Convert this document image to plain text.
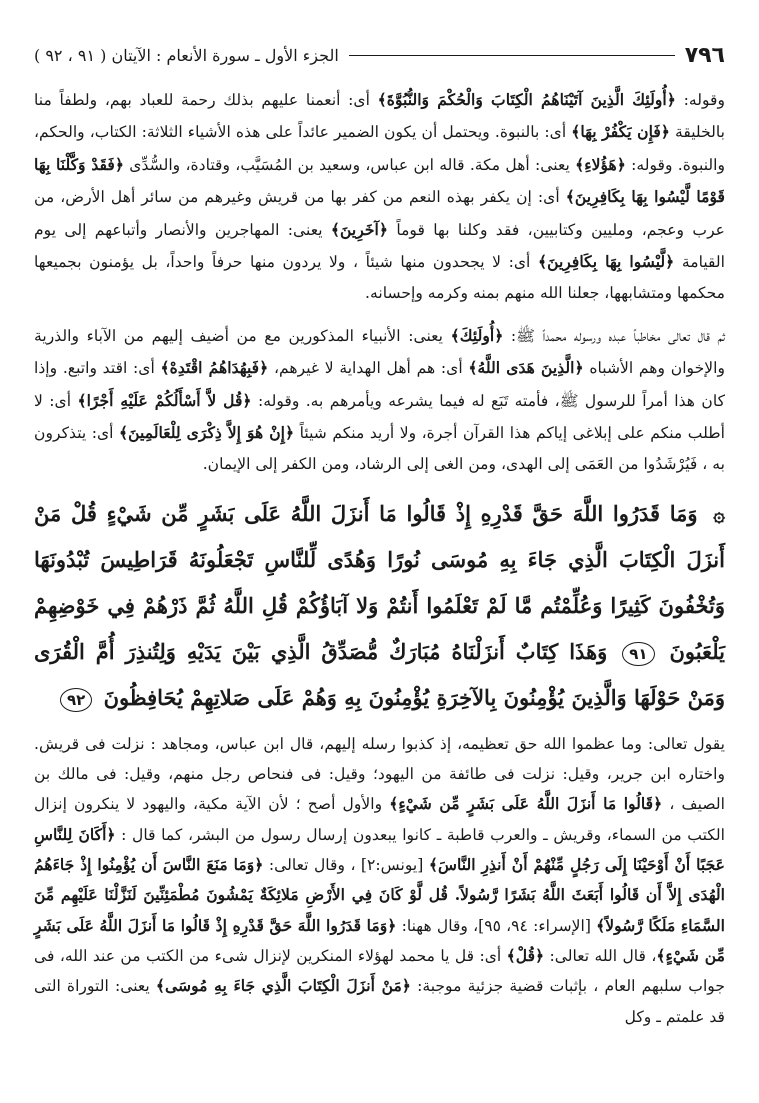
٧٩٦
الجزء الأول ـ سورة الأنعام : الآيتان ( ٩١ ، ٩٢ )

وقوله: ﴿أُولَئِكَ الَّذِينَ آتَيْنَاهُمُ الْكِتَابَ وَالْحُكْمَ وَالنُّبُوَّةَ﴾ أى: أنعمنا عليهم بذلك رحمة للعباد بهم، ولطفاً منا بالخليقة ﴿فَإِن يَكْفُرْ بِهَا﴾ أى: بالنبوة. ويحتمل أن يكون الضمير عائداً على هذه الأشياء الثلاثة: الكتاب، والحكم، والنبوة. وقوله: ﴿هَؤُلاءِ﴾ يعنى: أهل مكة. قاله ابن عباس، وسعيد بن المُسَيَّب، وقتادة، والسُّدِّى ﴿فَقَدْ وَكَّلْنَا بِهَا قَوْمًا لَّيْسُوا بِهَا بِكَافِرِينَ﴾ أى: إن يكفر بهذه النعم من كفر بها من قريش وغيرهم من سائر أهل الأرض، من عرب وعجم، ومليين وكتابيين، فقد وكلنا بها قوماً ﴿آخَرِينَ﴾ يعنى: المهاجرين والأنصار وأتباعهم إلى يوم القيامة ﴿لَّيْسُوا بِهَا بِكَافِرِينَ﴾ أى: لا يجحدون منها شيئاً ، ولا يردون منها حرفاً واحداً، بل يؤمنون بجميعها محكمها ومتشابهها، جعلنا الله منهم بمنه وكرمه وإحسانه.

ثم قال تعالى مخاطباً عبده ورسوله محمداً ﷺ: ﴿أُولَئِكَ﴾ يعنى: الأنبياء المذكورين مع من أضيف إليهم من الآباء والذرية والإخوان وهم الأشباه ﴿الَّذِينَ هَدَى اللَّهُ﴾ أى: هم أهل الهداية لا غيرهم، ﴿فَبِهُدَاهُمُ اقْتَدِهْ﴾ أى: اقتد واتبع. وإذا كان هذا أمراً للرسول ﷺ، فأمته تَبَع له فيما يشرعه ويأمرهم به. وقوله: ﴿قُل لاَّ أَسْأَلُكُمْ عَلَيْهِ أَجْرًا﴾ أى: لا أطلب منكم على إبلاغى إياكم هذا القرآن أجرة، ولا أريد منكم شيئاً ﴿إِنْ هُوَ إِلاَّ ذِكْرَى لِلْعَالَمِينَ﴾ أى: يتذكرون به ، فَيُرْشَدُوا من العَمَى إلى الهدى، ومن الغى إلى الرشاد، ومن الكفر إلى الإيمان.

۞ وَمَا قَدَرُوا اللَّهَ حَقَّ قَدْرِهِ إِذْ قَالُوا مَا أَنزَلَ اللَّهُ عَلَى بَشَرٍ مِّن شَيْءٍ قُلْ مَنْ أَنزَلَ الْكِتَابَ الَّذِي جَاءَ بِهِ مُوسَى نُورًا وَهُدًى لِّلنَّاسِ تَجْعَلُونَهُ قَرَاطِيسَ تُبْدُونَهَا وَتُخْفُونَ كَثِيرًا وَعُلِّمْتُم مَّا لَمْ تَعْلَمُوا أَنتُمْ وَلا آبَاؤُكُمْ قُلِ اللَّهُ ثُمَّ ذَرْهُمْ فِي خَوْضِهِمْ يَلْعَبُونَ ٩١ وَهَذَا كِتَابٌ أَنزَلْنَاهُ مُبَارَكٌ مُّصَدِّقُ الَّذِي بَيْنَ يَدَيْهِ وَلِتُنذِرَ أُمَّ الْقُرَى وَمَنْ حَوْلَهَا وَالَّذِينَ يُؤْمِنُونَ بِالآخِرَةِ يُؤْمِنُونَ بِهِ وَهُمْ عَلَى صَلاتِهِمْ يُحَافِظُونَ ٩٢

يقول تعالى: وما عظموا الله حق تعظيمه، إذ كذبوا رسله إليهم، قال ابن عباس، ومجاهد : نزلت فى قريش. واختاره ابن جرير، وقيل: نزلت فى طائفة من اليهود؛ وقيل: فى فنحاص رجل منهم، وقيل: فى مالك بن الصيف ، ﴿قَالُوا مَا أَنزَلَ اللَّهُ عَلَى بَشَرٍ مِّن شَيْءٍ﴾ والأول أصح ؛ لأن الآية مكية، واليهود لا ينكرون إنزال الكتب من السماء، وقريش ـ والعرب قاطبة ـ كانوا يبعدون إرسال رسول من البشر، كما قال : ﴿أَكَانَ لِلنَّاسِ عَجَبًا أَنْ أَوْحَيْنَا إِلَى رَجُلٍ مِّنْهُمْ أَنْ أَنذِرِ النَّاسَ﴾ [يونس:٢] ، وقال تعالى: ﴿وَمَا مَنَعَ النَّاسَ أَن يُؤْمِنُوا إِذْ جَاءَهُمُ الْهُدَى إِلاَّ أَن قَالُوا أَبَعَثَ اللَّهُ بَشَرًا رَّسُولاً. قُل لَّوْ كَانَ فِي الأَرْضِ مَلائِكَةٌ يَمْشُونَ مُطْمَئِنِّينَ لَنَزَّلْنَا عَلَيْهِم مِّنَ السَّمَاءِ مَلَكًا رَّسُولاً﴾ [الإسراء: ٩٤، ٩٥]، وقال ههنا: ﴿وَمَا قَدَرُوا اللَّهَ حَقَّ قَدْرِهِ إِذْ قَالُوا مَا أَنزَلَ اللَّهُ عَلَى بَشَرٍ مِّن شَيْءٍ﴾، قال الله تعالى: ﴿قُلْ﴾ أى: قل يا محمد لهؤلاء المنكرين لإنزال شىء من الكتب من عند الله، فى جواب سلبهم العام ، بإثبات قضية جزئية موجبة: ﴿مَنْ أَنزَلَ الْكِتَابَ الَّذِي جَاءَ بِهِ مُوسَى﴾ يعنى: التوراة التى قد علمتم ـ وكل
